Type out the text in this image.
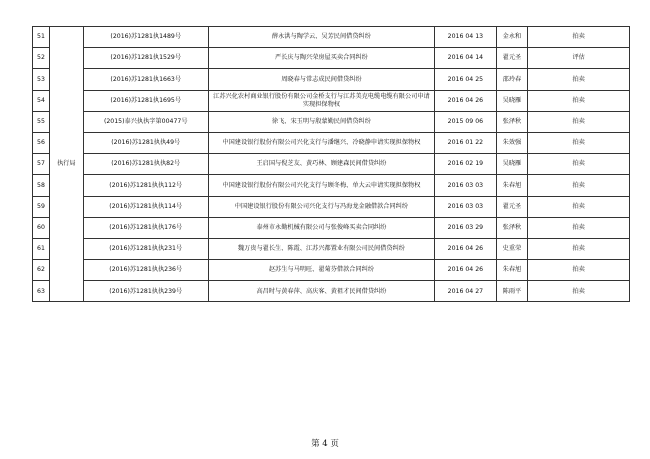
51	执行局	(2016)苏1281执1489号	薛永洪与陶学云、吴芳民间借贷纠纷	2016 04 13	金永和	拍卖
52		(2016)苏1281执1529号	严长庆与陶兴荣房屋买卖合同纠纷	2016 04 14	翟元圣	评估
53		(2016)苏1281执1663号	周晓春与常志成民间借贷纠纷	2016 04 25	邵玲春	拍卖
54		(2016)苏1281执1695号	江苏兴化农村商业银行股份有限公司金桥支行与江苏美克电缆电缆有限公司申请实现担保物权	2016 04 26	吴晓雁	拍卖
55		(2015)泰兴执执字第00477号	徐飞、宋玉明与殷蒙勤民间借贷纠纷	2015 09 06	张泽秋	拍卖
56		(2016)苏1281执执49号	中国建设银行股份有限公司兴化支行与潘继兴、冷晓静申请实现担保物权	2016 01 22	朱效强	拍卖
57		(2016)苏1281执执82号	王启国与倪芝友、黄巧林、顾建森民间借贷纠纷	2016 02 19	吴晓雁	拍卖
58		(2016)苏1281执执112号	中国建设银行股份有限公司兴化支行与顾冬梅、单大云申请实现担保物权	2016 03 03	朱春旭	拍卖
59		(2016)苏1281执执114号	中国建设银行股份有限公司兴化支行与冯海龙金融借款合同纠纷	2016 03 03	翟元圣	拍卖
60		(2016)苏1281执执176号	泰州市永勤机械有限公司与张俊峰买卖合同纠纷	2016 03 29	张泽秋	拍卖
61		(2016)苏1281执执231号	魏万贵与翟长生、陈霞、江苏兴都置业有限公司民间借贷纠纷	2016 04 26	史重荣	拍卖
62		(2016)苏1281执执236号	赵苏生与马明旺、翟菊芬借款合同纠纷	2016 04 26	朱春旭	拍卖
63		(2016)苏1281执执239号	高昌时与黄春萍、高庆客、黄祖才民间借贷纠纷	2016 04 27	陈雨平	拍卖
第 4 页
